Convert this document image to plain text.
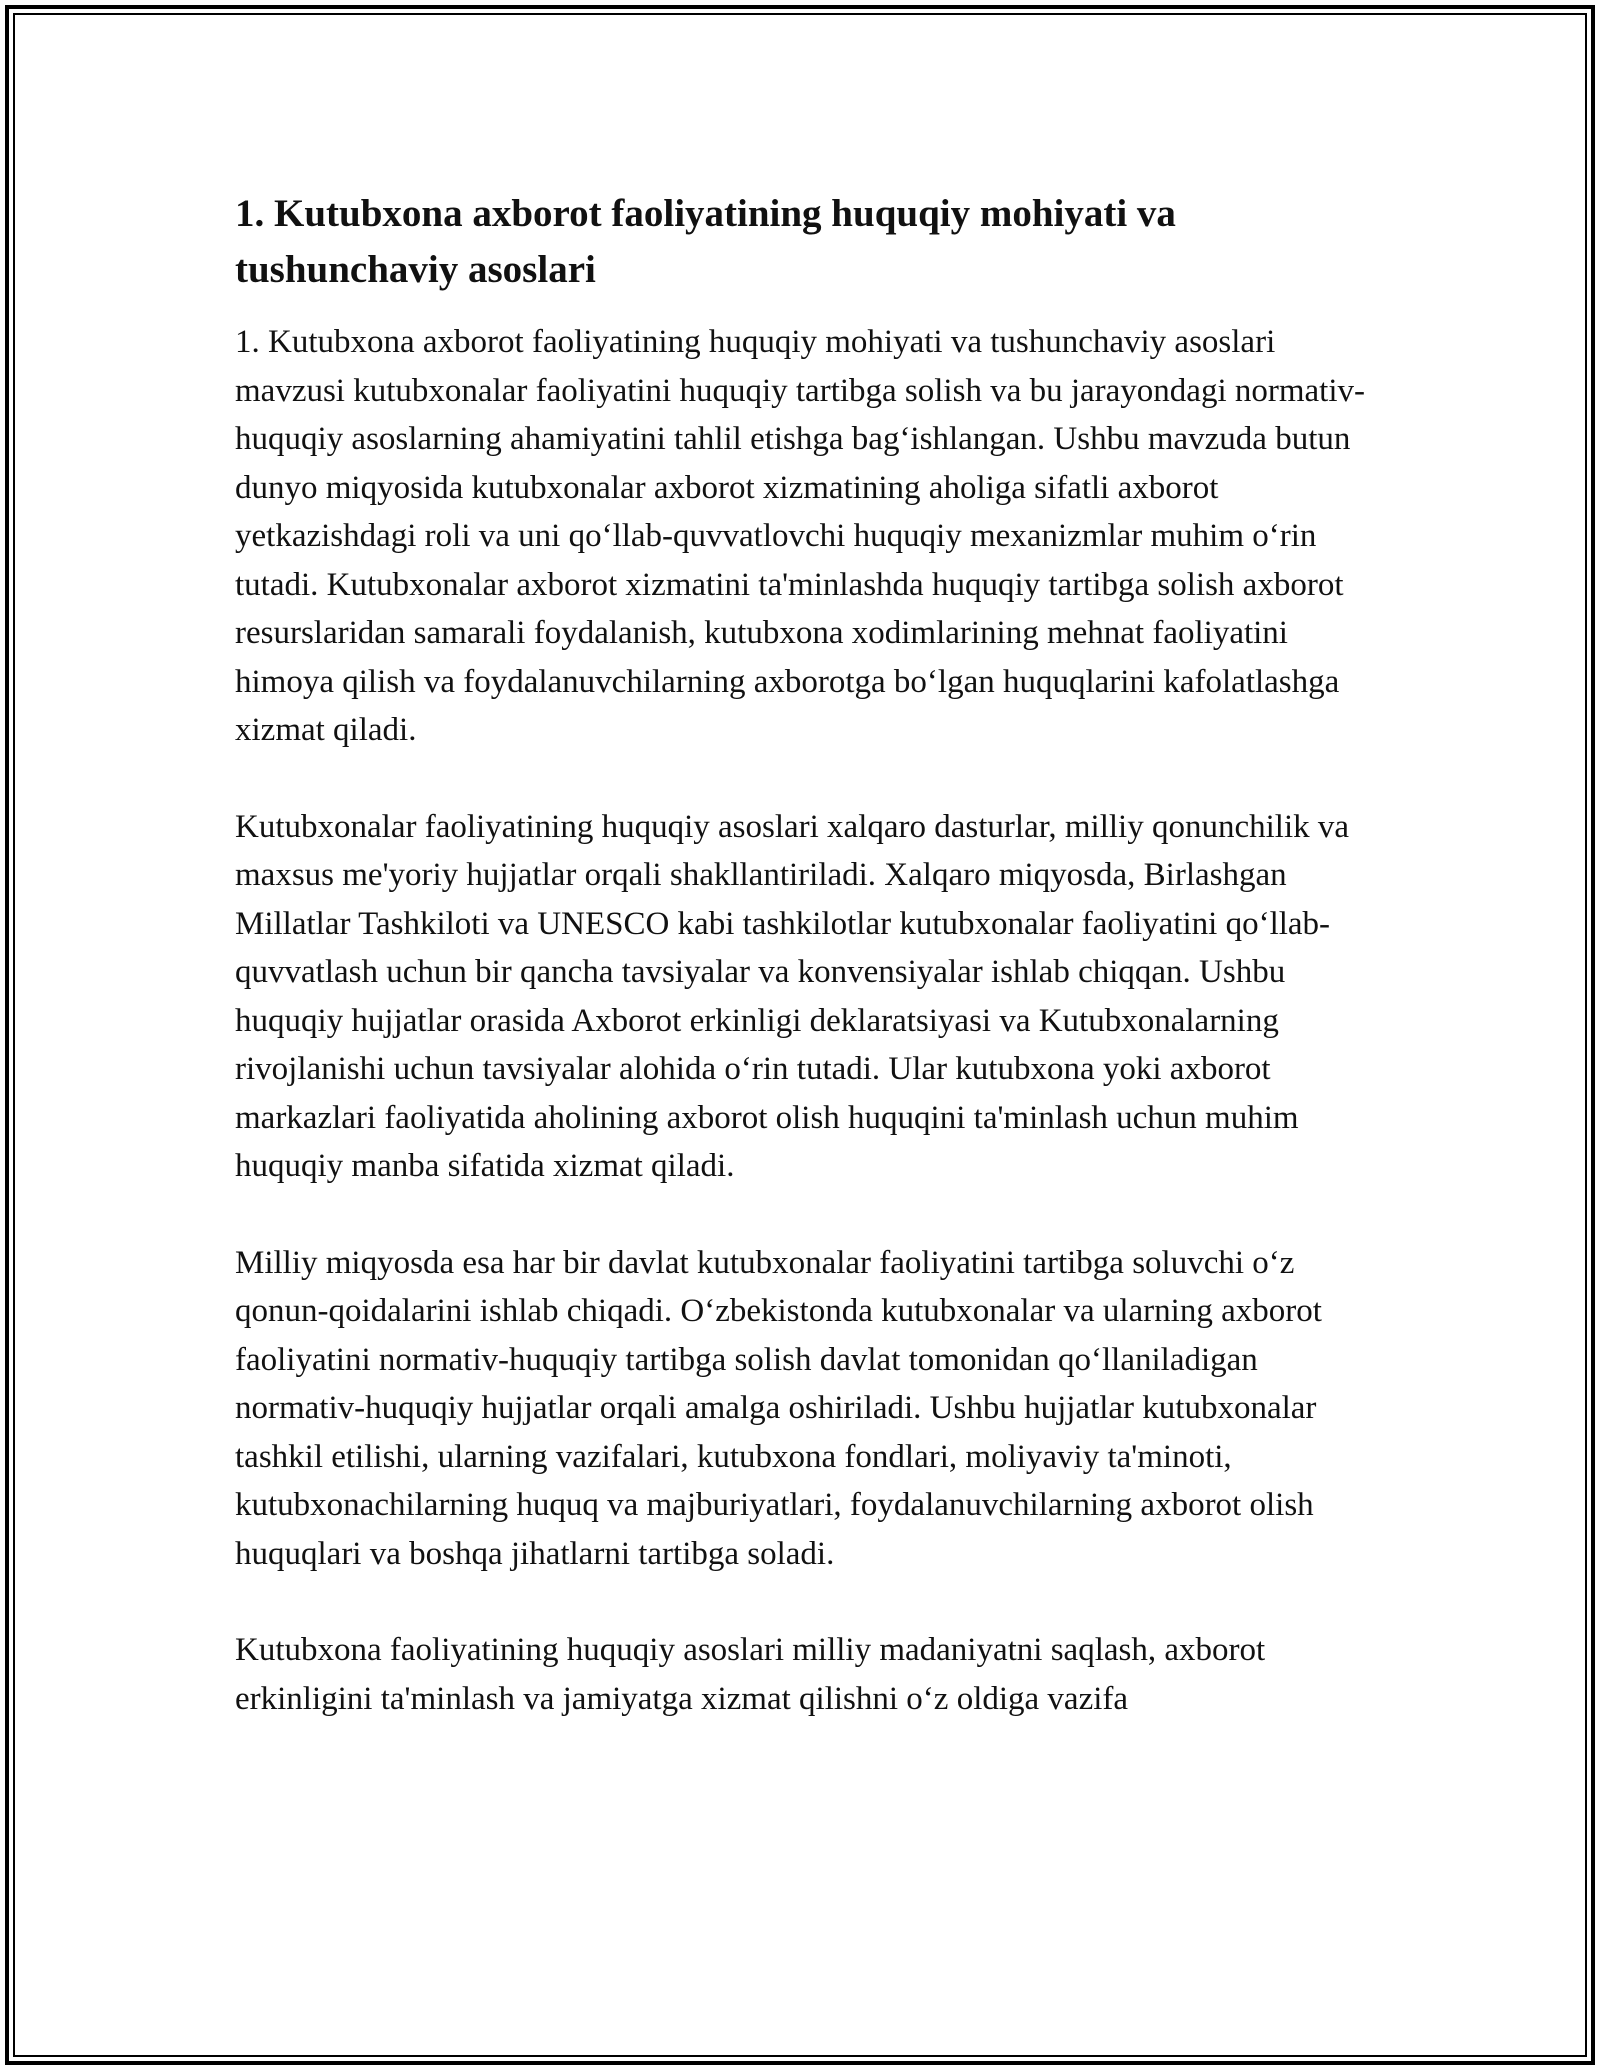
1. Kutubxona axborot faoliyatining huquqiy mohiyati va tushunchaviy asoslari

1. Kutubxona axborot faoliyatining huquqiy mohiyati va tushunchaviy asoslari mavzusi kutubxonalar faoliyatini huquqiy tartibga solish va bu jarayondagi normativ-huquqiy asoslarning ahamiyatini tahlil etishga bag‘ishlangan. Ushbu mavzuda butun dunyo miqyosida kutubxonalar axborot xizmatining aholiga sifatli axborot yetkazishdagi roli va uni qo‘llab-quvvatlovchi huquqiy mexanizmlar muhim o‘rin tutadi. Kutubxonalar axborot xizmatini ta'minlashda huquqiy tartibga solish axborot resurslaridan samarali foydalanish, kutubxona xodimlarining mehnat faoliyatini himoya qilish va foydalanuvchilarning axborotga bo‘lgan huquqlarini kafolatlashga xizmat qiladi.

Kutubxonalar faoliyatining huquqiy asoslari xalqaro dasturlar, milliy qonunchilik va maxsus me'yoriy hujjatlar orqali shakllantiriladi. Xalqaro miqyosda, Birlashgan Millatlar Tashkiloti va UNESCO kabi tashkilotlar kutubxonalar faoliyatini qo‘llab-quvvatlash uchun bir qancha tavsiyalar va konvensiyalar ishlab chiqqan. Ushbu huquqiy hujjatlar orasida Axborot erkinligi deklaratsiyasi va Kutubxonalarning rivojlanishi uchun tavsiyalar alohida o‘rin tutadi. Ular kutubxona yoki axborot markazlari faoliyatida aholining axborot olish huquqini ta'minlash uchun muhim huquqiy manba sifatida xizmat qiladi.

Milliy miqyosda esa har bir davlat kutubxonalar faoliyatini tartibga soluvchi o‘z qonun-qoidalarini ishlab chiqadi. O‘zbekistonda kutubxonalar va ularning axborot faoliyatini normativ-huquqiy tartibga solish davlat tomonidan qo‘llaniladigan normativ-huquqiy hujjatlar orqali amalga oshiriladi. Ushbu hujjatlar kutubxonalar tashkil etilishi, ularning vazifalari, kutubxona fondlari, moliyaviy ta'minoti, kutubxonachilarning huquq va majburiyatlari, foydalanuvchilarning axborot olish huquqlari va boshqa jihatlarni tartibga soladi.

Kutubxona faoliyatining huquqiy asoslari milliy madaniyatni saqlash, axborot erkinligini ta'minlash va jamiyatga xizmat qilishni o‘z oldiga vazifa
